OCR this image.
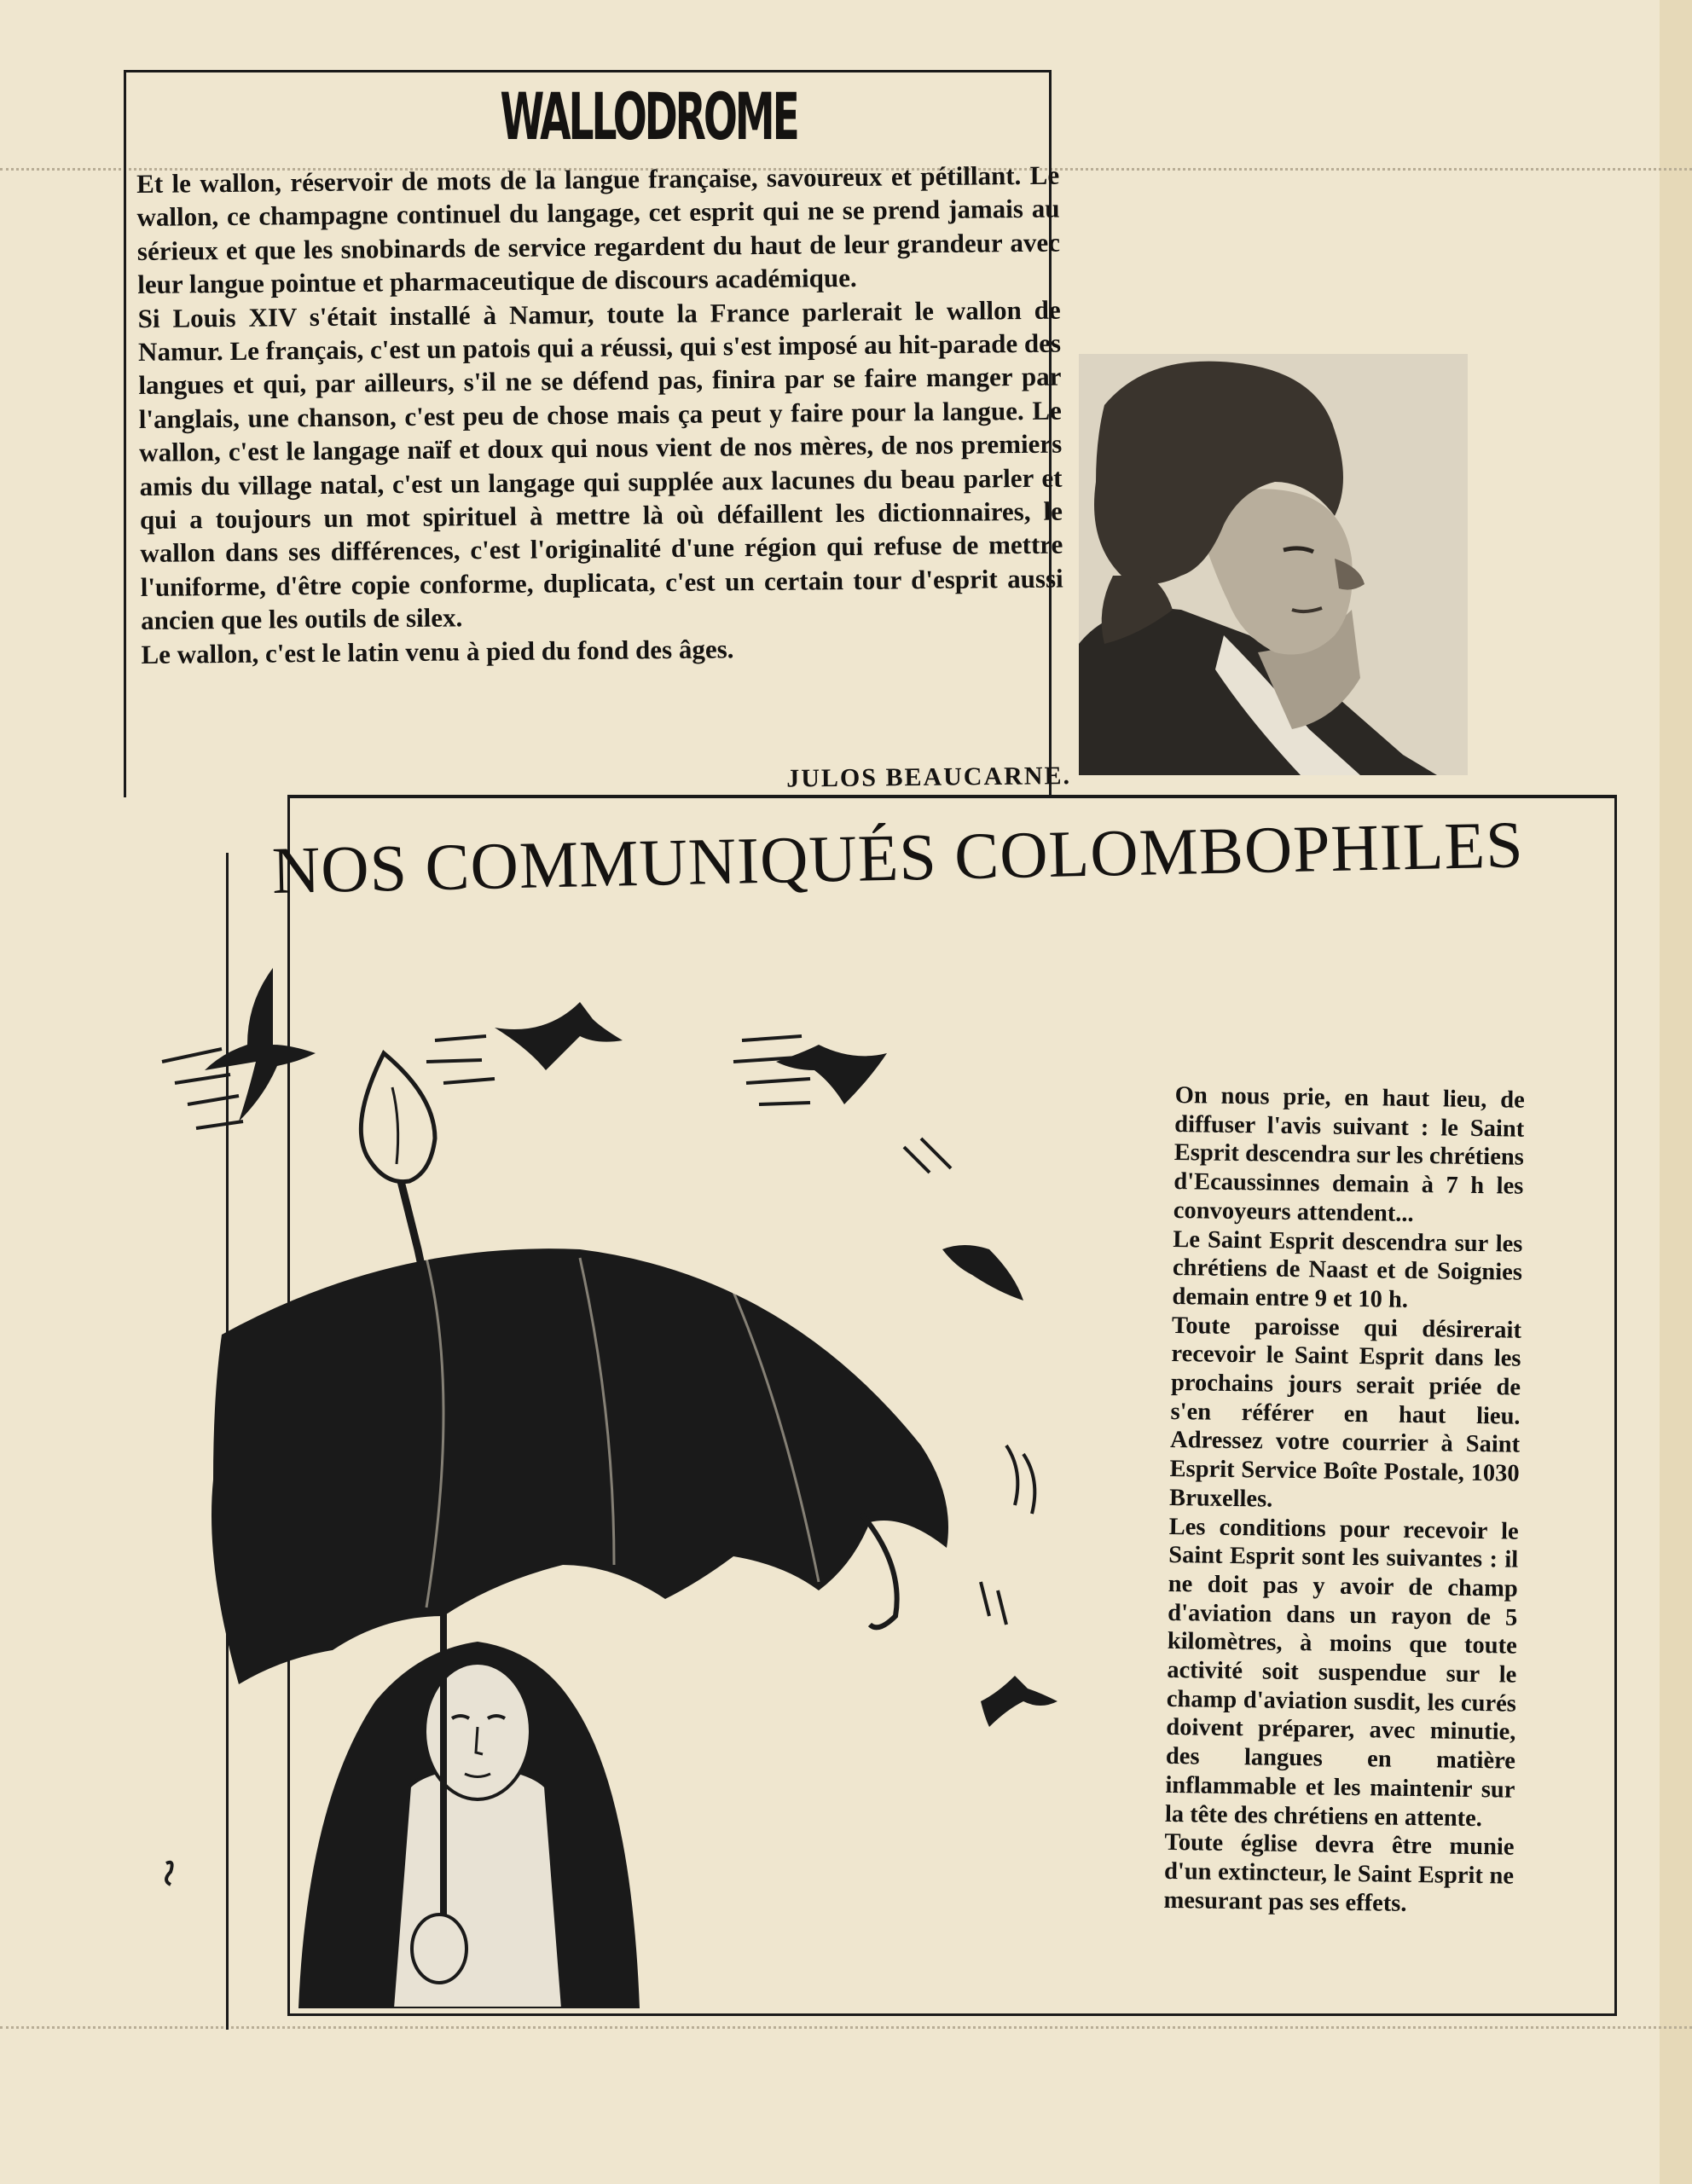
WALLODROME

Et le wallon, réservoir de mots de la langue française, savoureux et pétillant. Le wallon, ce champagne continuel du langage, cet esprit qui ne se prend jamais au sérieux et que les snobinards de service regardent du haut de leur grandeur avec leur langue pointue et pharmaceutique de discours académique.

Si Louis XIV s'était installé à Namur, toute la France parlerait le wallon de Namur. Le français, c'est un patois qui a réussi, qui s'est imposé au hit-parade des langues et qui, par ailleurs, s'il ne se défend pas, finira par se faire manger par l'anglais, une chanson, c'est peu de chose mais ça peut y faire pour la langue. Le wallon, c'est le langage naïf et doux qui nous vient de nos mères, de nos premiers amis du village natal, c'est un langage qui supplée aux lacunes du beau parler et qui a toujours un mot spirituel à mettre là où défaillent les dictionnaires, le wallon dans ses différences, c'est l'originalité d'une région qui refuse de mettre l'uniforme, d'être copie conforme, duplicata, c'est un certain tour d'esprit aussi ancien que les outils de silex.

Le wallon, c'est le latin venu à pied du fond des âges.

JULOS BEAUCARNE.
NOS COMMUNIQUÉS COLOMBOPHILES

On nous prie, en haut lieu, de diffuser l'avis suivant : le Saint Esprit descendra sur les chrétiens d'Ecaussinnes demain à 7 h les convoyeurs attendent...

Le Saint Esprit descendra sur les chrétiens de Naast et de Soignies demain entre 9 et 10 h.

Toute paroisse qui désirerait recevoir le Saint Esprit dans les prochains jours serait priée de s'en référer en haut lieu. Adressez votre courrier à Saint Esprit Service Boîte Postale, 1030 Bruxelles.

Les conditions pour recevoir le Saint Esprit sont les suivantes : il ne doit pas y avoir de champ d'aviation dans un rayon de 5 kilomètres, à moins que toute activité soit suspendue sur le champ d'aviation susdit, les curés doivent préparer, avec minutie, des langues en matière inflammable et les maintenir sur la tête des chrétiens en attente.

Toute église devra être munie d'un extincteur, le Saint Esprit ne mesurant pas ses effets.
